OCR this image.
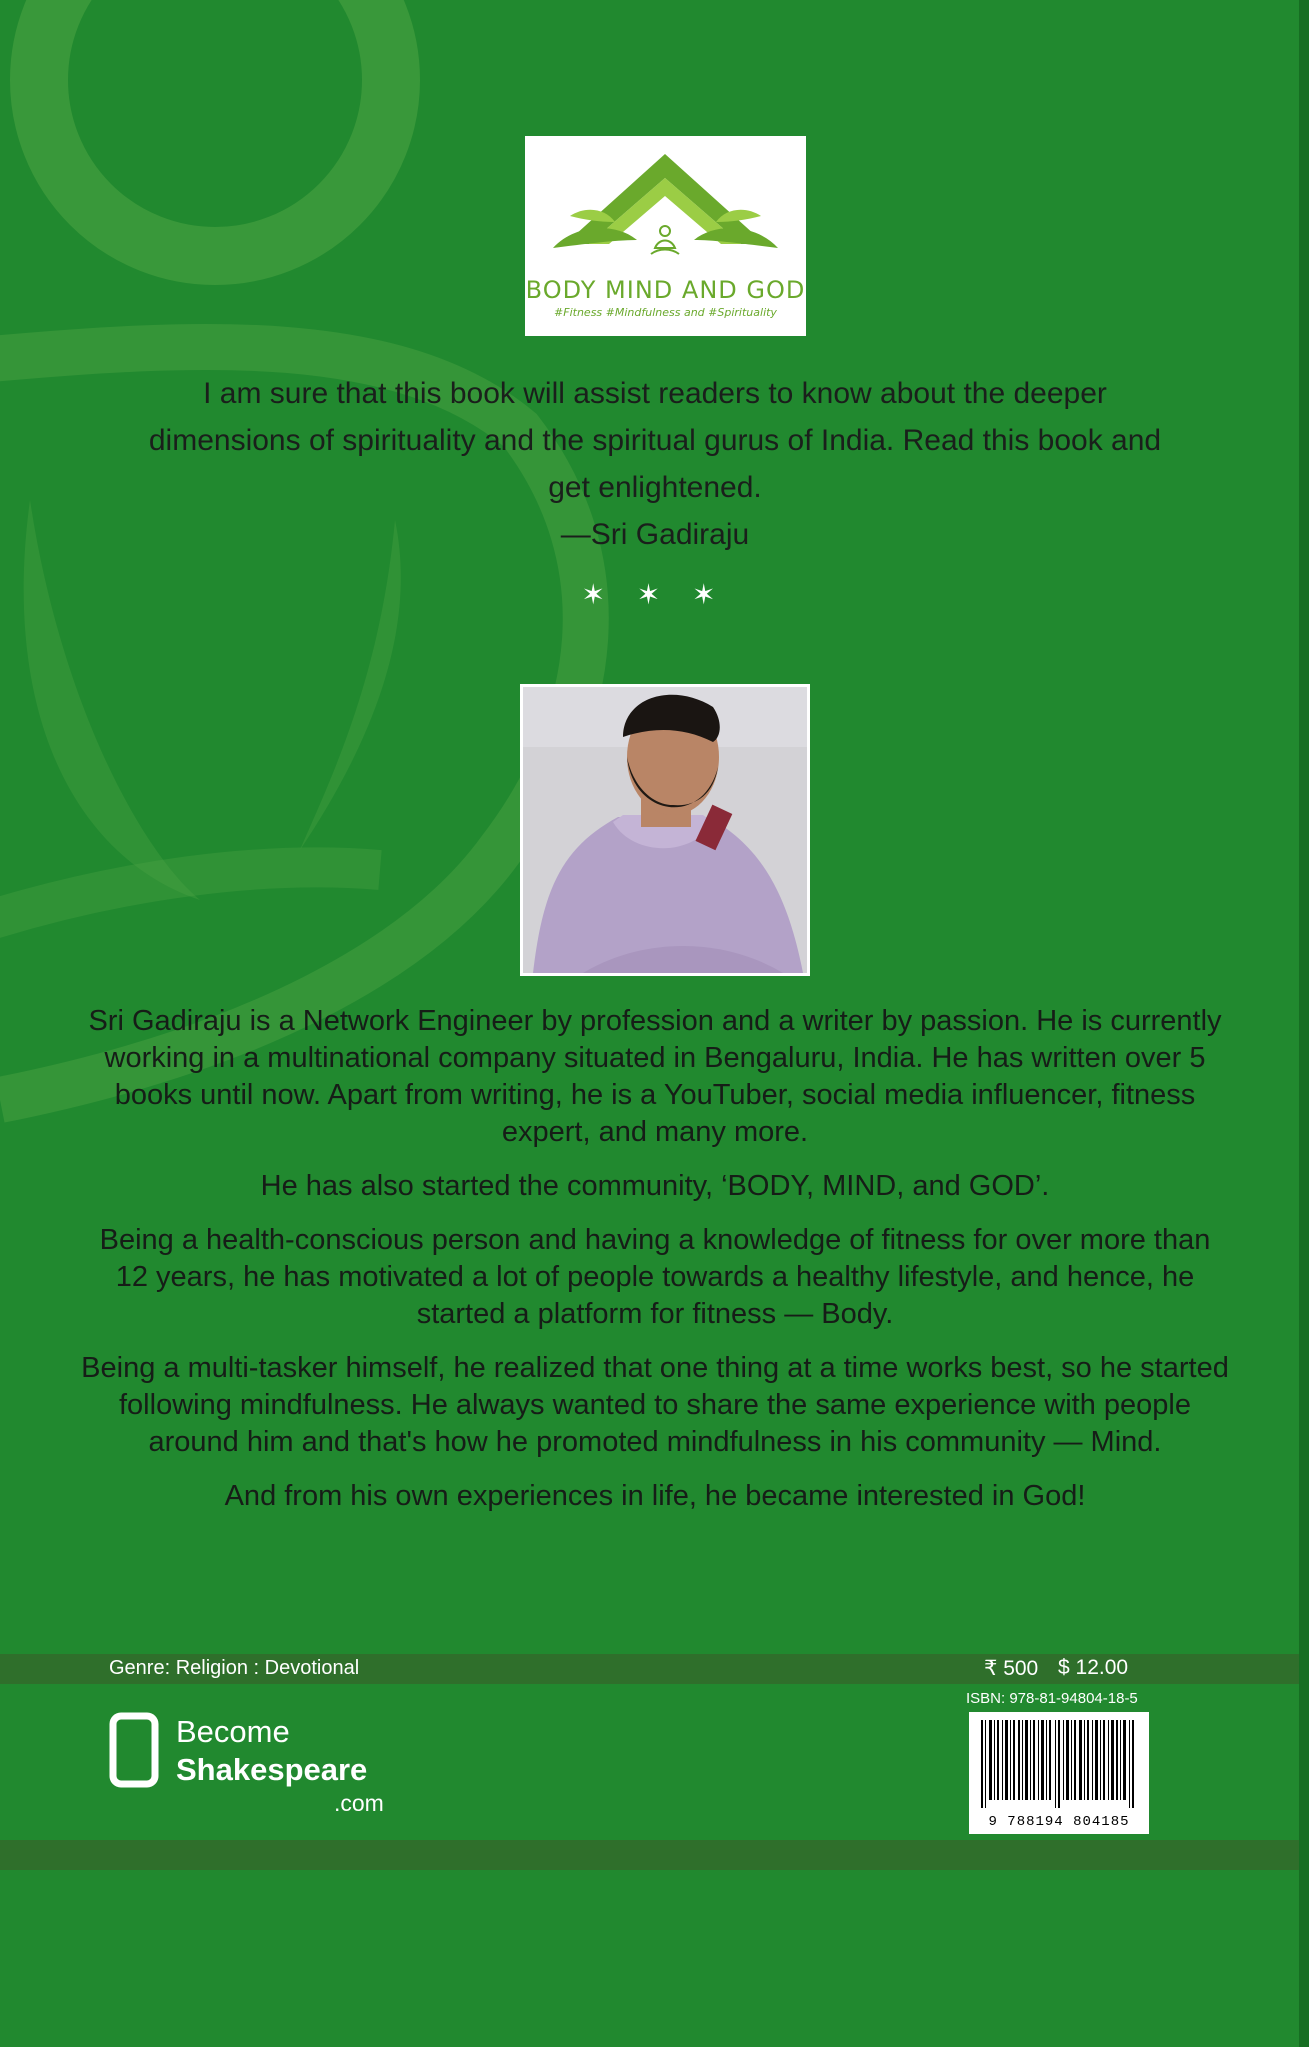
BODY MIND AND GOD
#Fitness #Mindfulness and #Spirituality
I am sure that this book will assist readers to know about the deeper dimensions of spirituality and the spiritual gurus of India. Read this book and get enlightened.
—Sri Gadiraju
✶ ✶ ✶

Sri Gadiraju is a Network Engineer by profession and a writer by passion. He is currently working in a multinational company situated in Bengaluru, India. He has written over 5 books until now. Apart from writing, he is a YouTuber, social media influencer, fitness expert, and many more.

He has also started the community, ‘BODY, MIND, and GOD’.

Being a health-conscious person and having a knowledge of fitness for over more than 12 years, he has motivated a lot of people towards a healthy lifestyle, and hence, he started a platform for fitness — Body.

Being a multi-tasker himself, he realized that one thing at a time works best, so he started following mindfulness. He always wanted to share the same experience with people around him and that's how he promoted mindfulness in his community — Mind.

And from his own experiences in life, he became interested in God!

Genre: Religion : Devotional	₹ 500 $ 12.00
ISBN: 978-81-94804-18-5
9 788194 804185
Become
Shakespeare
.com
